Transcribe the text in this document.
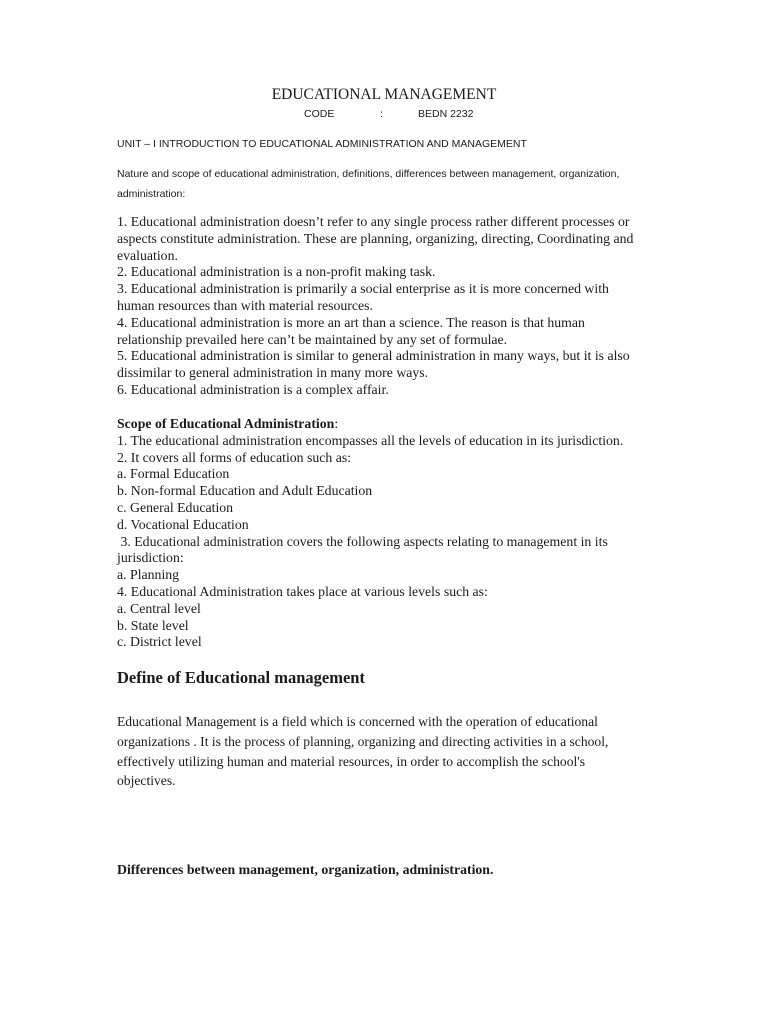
EDUCATIONAL MANAGEMENT
CODE	:	BEDN 2232
UNIT – I INTRODUCTION TO EDUCATIONAL ADMINISTRATION AND MANAGEMENT
Nature and scope of educational administration, definitions, differences between management, organization, administration:
1. Educational administration doesn’t refer to any single process rather different processes or
aspects constitute administration. These are planning, organizing, directing, Coordinating and
evaluation.
2. Educational administration is a non-profit making task.
3. Educational administration is primarily a social enterprise as it is more concerned with
human resources than with material resources.
4. Educational administration is more an art than a science. The reason is that human
relationship prevailed here can’t be maintained by any set of formulae.
5. Educational administration is similar to general administration in many ways, but it is also
dissimilar to general administration in many more ways.
6. Educational administration is a complex affair.
Scope of Educational Administration:
1. The educational administration encompasses all the levels of education in its jurisdiction.
2. It covers all forms of education such as:
a. Formal Education
b. Non-formal Education and Adult Education
c. General Education
d. Vocational Education
3. Educational administration covers the following aspects relating to management in its
jurisdiction:
a. Planning
4. Educational Administration takes place at various levels such as:
a. Central level
b. State level
c. District level
Define of Educational management
Educational Management is a field which is concerned with the operation of educational organizations . It is the process of planning, organizing and directing activities in a school, effectively utilizing human and material resources, in order to accomplish the school's objectives.
Differences between management, organization, administration.
